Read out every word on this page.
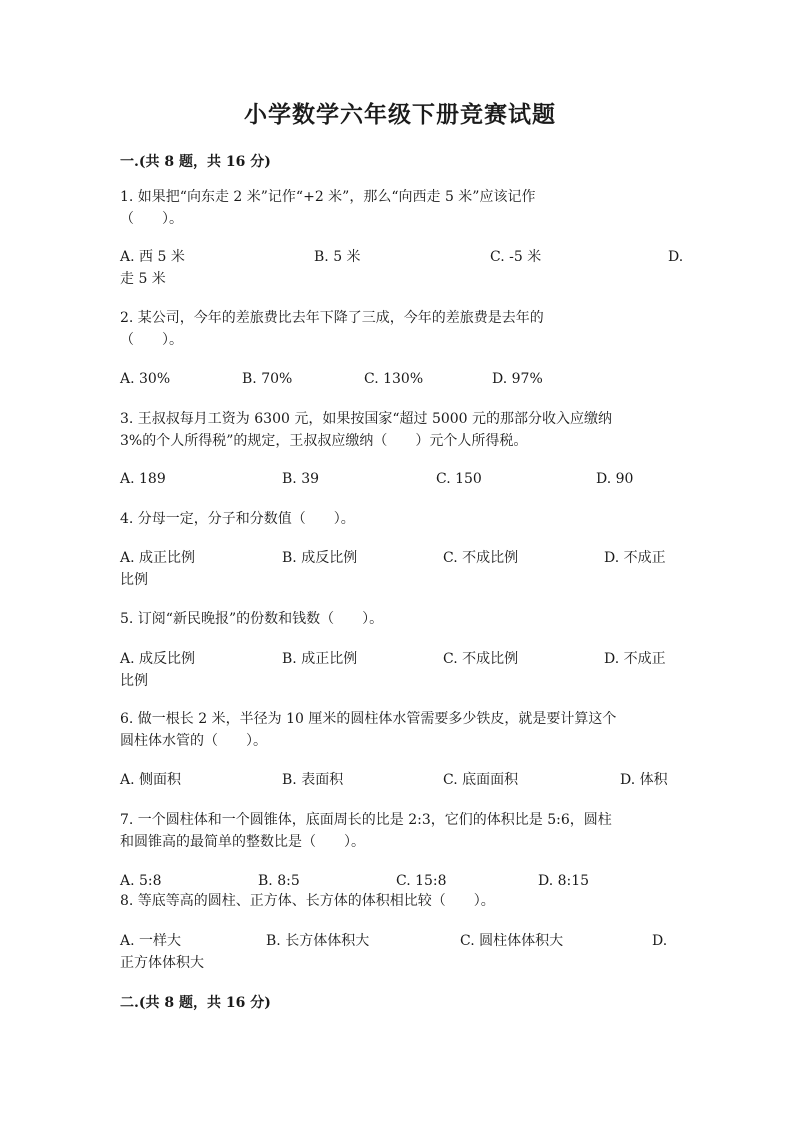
小学数学六年级下册竞赛试题
一.(共 8 题，共 16 分)
1. 如果把“向东走 2 米”记作“+2 米”，那么“向西走 5 米”应该记作
（　　）。
A. 西 5 米	B. 5 米	C. -5 米	D.
走 5 米
2. 某公司，今年的差旅费比去年下降了三成，今年的差旅费是去年的
（　　）。
A. 30%	B. 70%	C. 130%	D. 97%
3. 王叔叔每月工资为 6300 元，如果按国家“超过 5000 元的那部分收入应缴纳
3%的个人所得税”的规定，王叔叔应缴纳（　　）元个人所得税。
A. 189	B. 39	C. 150	D. 90
4. 分母一定，分子和分数值（　　）。
A. 成正比例	B. 成反比例	C. 不成比例	D. 不成正
比例
5. 订阅“新民晚报”的份数和钱数（　　）。
A. 成反比例	B. 成正比例	C. 不成比例	D. 不成正
比例
6. 做一根长 2 米，半径为 10 厘米的圆柱体水管需要多少铁皮，就是要计算这个
圆柱体水管的（　　）。
A. 侧面积	B. 表面积	C. 底面面积	D. 体积
7. 一个圆柱体和一个圆锥体，底面周长的比是 2:3，它们的体积比是 5:6，圆柱
和圆锥高的最简单的整数比是（　　）。
A. 5:8	B. 8:5	C. 15:8	D. 8:15
8. 等底等高的圆柱、正方体、长方体的体积相比较（　　）。
A. 一样大	B. 长方体体积大	C. 圆柱体体积大	D.
正方体体积大
二.(共 8 题，共 16 分)
